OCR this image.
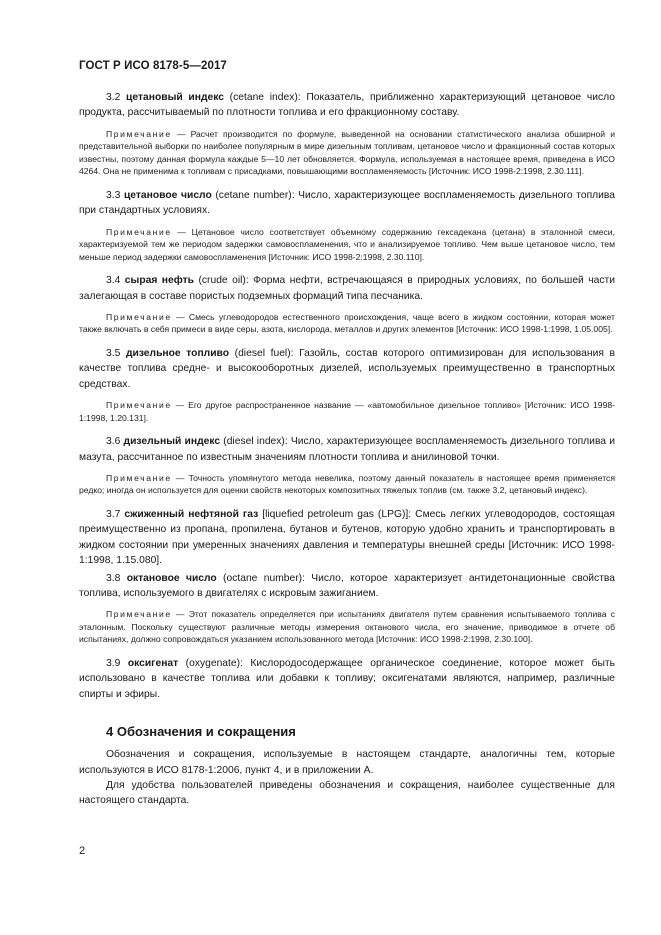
ГОСТ Р ИСО 8178-5—2017

3.2 цетановый индекс (cetane index): Показатель, приближенно характеризующий цетановое число продукта, рассчитываемый по плотности топлива и его фракционному составу.

Примечание — Расчет производится по формуле, выведенной на основании статистического анализа обширной и представительной выборки по наиболее популярным в мире дизельным топливам, цетановое число и фракционный состав которых известны, поэтому данная формула каждые 5—10 лет обновляется. Формула, используемая в настоящее время, приведена в ИСО 4264. Она не применима к топливам с присадками, повышающими воспламеняемость [Источник: ИСО 1998-2:1998, 2.30.111].

3.3 цетановое число (cetane number): Число, характеризующее воспламеняемость дизельного топлива при стандартных условиях.

Примечание — Цетановое число соответствует объемному содержанию гексадекана (цетана) в эталонной смеси, характеризуемой тем же периодом задержки самовоспламенения, что и анализируемое топливо. Чем выше цетановое число, тем меньше период задержки самовоспламенения [Источник: ИСО 1998-2:1998, 2.30.110].

3.4 сырая нефть (crude oil): Форма нефти, встречающаяся в природных условиях, по большей части залегающая в составе пористых подземных формаций типа песчаника.

Примечание — Смесь углеводородов естественного происхождения, чаще всего в жидком состоянии, которая может также включать в себя примеси в виде серы, азота, кислорода, металлов и других элементов [Источник: ИСО 1998-1:1998, 1.05.005].

3.5 дизельное топливо (diesel fuel): Газойль, состав которого оптимизирован для использования в качестве топлива средне- и высокооборотных дизелей, используемых преимущественно в транспортных средствах.

Примечание — Его другое распространенное название — «автомобильное дизельное топливо» [Источник: ИСО 1998-1:1998, 1.20.131].

3.6 дизельный индекс (diesel index): Число, характеризующее воспламеняемость дизельного топлива и мазута, рассчитанное по известным значениям плотности топлива и анилиновой точки.

Примечание — Точность упомянутого метода невелика, поэтому данный показатель в настоящее время применяется редко; иногда он используется для оценки свойств некоторых композитных тяжелых топлив (см. также 3.2, цетановый индекс).

3.7 сжиженный нефтяной газ [liquefied petroleum gas (LPG)]: Смесь легких углеводородов, состоящая преимущественно из пропана, пропилена, бутанов и бутенов, которую удобно хранить и транспортировать в жидком состоянии при умеренных значениях давления и температуры внешней среды [Источник: ИСО 1998-1:1998, 1.15.080].

3.8 октановое число (octane number): Число, которое характеризует антидетонационные свойства топлива, используемого в двигателях с искровым зажиганием.

Примечание — Этот показатель определяется при испытаниях двигателя путем сравнения испытываемого топлива с эталонным. Поскольку существуют различные методы измерения октанового числа, его значение, приводимое в отчете об испытаниях, должно сопровождаться указанием использованного метода [Источник: ИСО 1998-2:1998, 2.30.100].

3.9 оксигенат (oxygenate): Кислородосодержащее органическое соединение, которое может быть использовано в качестве топлива или добавки к топливу; оксигенатами являются, например, различные спирты и эфиры.

4 Обозначения и сокращения

Обозначения и сокращения, используемые в настоящем стандарте, аналогичны тем, которые используются в ИСО 8178-1:2006, пункт 4, и в приложении А.

Для удобства пользователей приведены обозначения и сокращения, наиболее существенные для настоящего стандарта.

2
